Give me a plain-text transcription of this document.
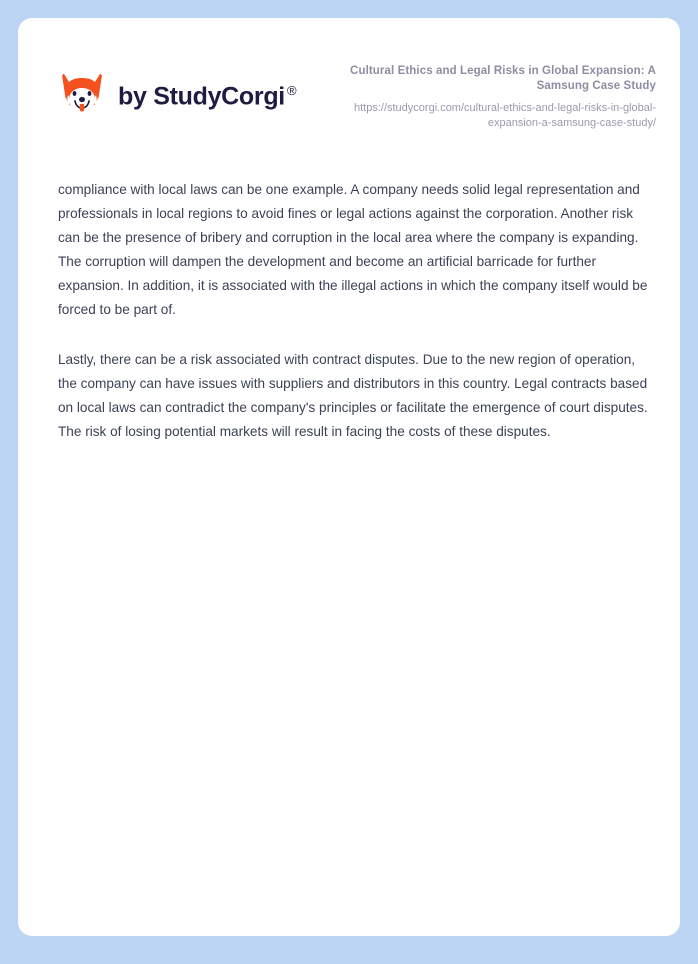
by StudyCorgi ®
Cultural Ethics and Legal Risks in Global Expansion: A Samsung Case Study
https://studycorgi.com/cultural-ethics-and-legal-risks-in-global-expansion-a-samsung-case-study/

compliance with local laws can be one example. A company needs solid legal representation and professionals in local regions to avoid fines or legal actions against the corporation. Another risk can be the presence of bribery and corruption in the local area where the company is expanding. The corruption will dampen the development and become an artificial barricade for further expansion. In addition, it is associated with the illegal actions in which the company itself would be forced to be part of.

Lastly, there can be a risk associated with contract disputes. Due to the new region of operation, the company can have issues with suppliers and distributors in this country. Legal contracts based on local laws can contradict the company's principles or facilitate the emergence of court disputes. The risk of losing potential markets will result in facing the costs of these disputes.
